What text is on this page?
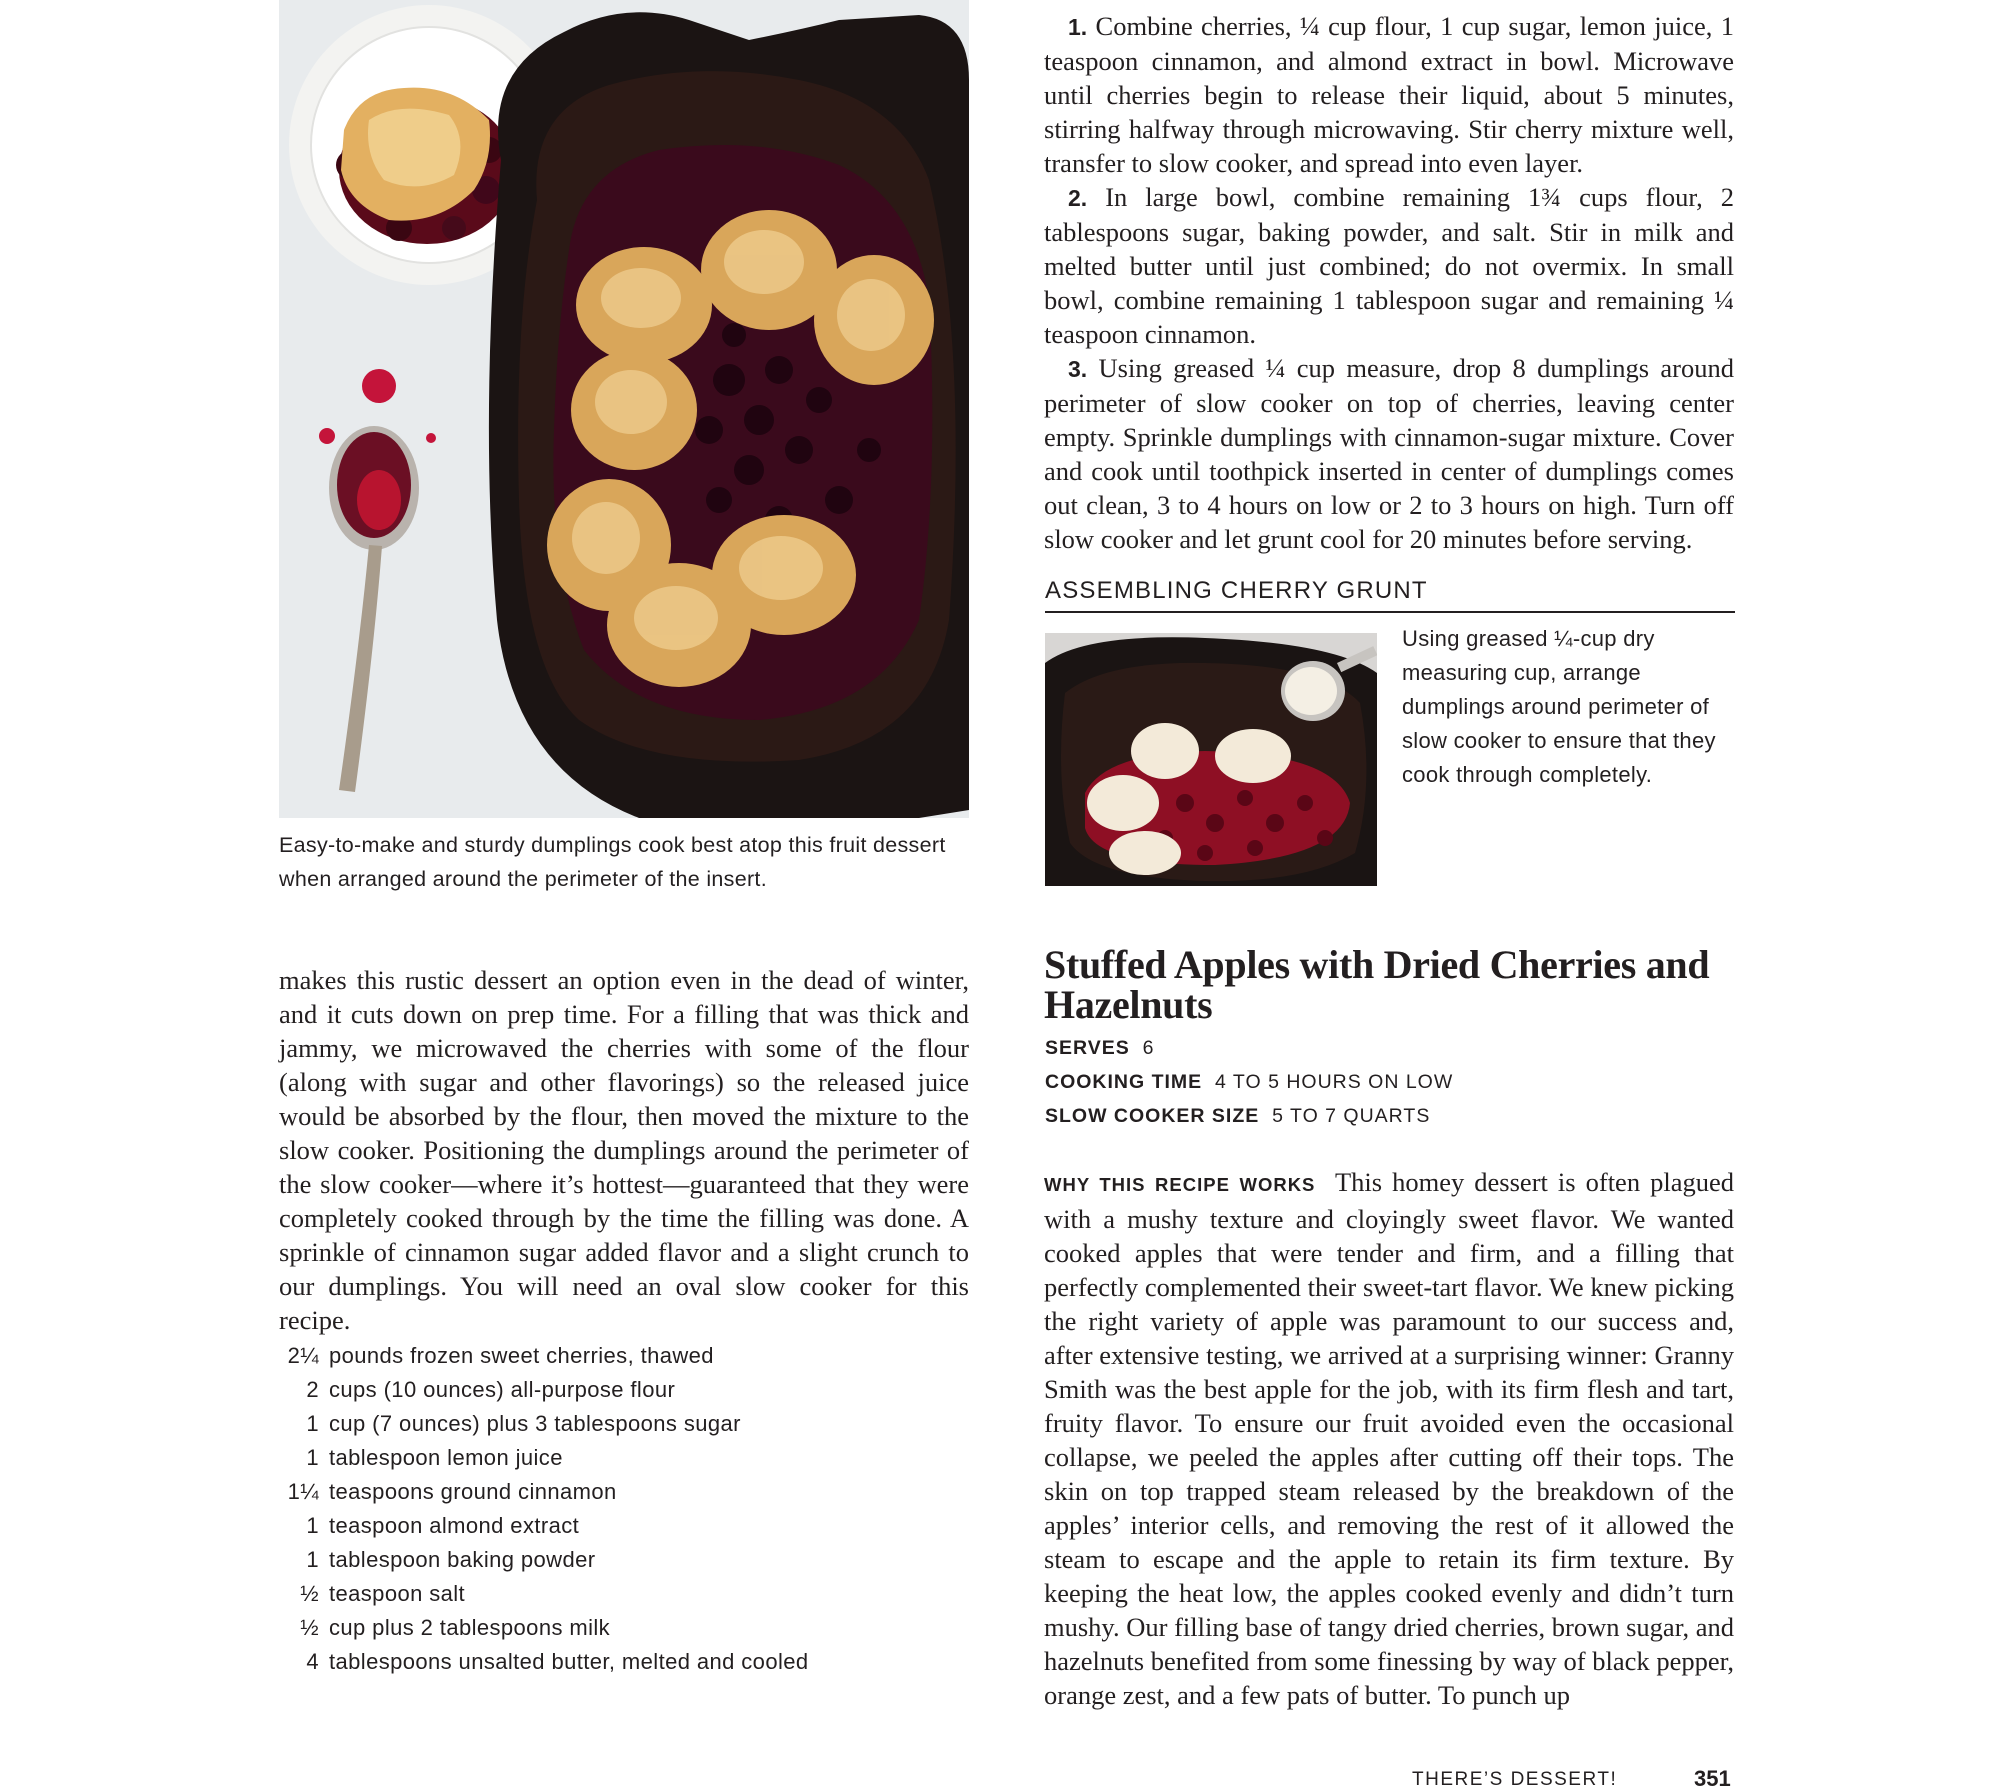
Easy-to-make and sturdy dumplings cook best atop this fruit dessert when arranged around the perimeter of the insert.

makes this rustic dessert an option even in the dead of winter, and it cuts down on prep time. For a filling that was thick and jammy, we microwaved the cherries with some of the flour (along with sugar and other flavorings) so the released juice would be absorbed by the flour, then moved the mixture to the slow cooker. Positioning the dumplings around the perimeter of the slow cooker—where it’s hottest—guaranteed that they were completely cooked through by the time the filling was done. A sprinkle of cinnamon sugar added flavor and a slight crunch to our dumplings. You will need an oval slow cooker for this recipe.

2¼ pounds frozen sweet cherries, thawed
2 cups (10 ounces) all-purpose flour
1 cup (7 ounces) plus 3 tablespoons sugar
1 tablespoon lemon juice
1¼ teaspoons ground cinnamon
1 teaspoon almond extract
1 tablespoon baking powder
½ teaspoon salt
½ cup plus 2 tablespoons milk
4 tablespoons unsalted butter, melted and cooled

1. Combine cherries, ¼ cup flour, 1 cup sugar, lemon juice, 1 teaspoon cinnamon, and almond extract in bowl. Microwave until cherries begin to release their liquid, about 5 minutes, stirring halfway through microwaving. Stir cherry mixture well, transfer to slow cooker, and spread into even layer.

2. In large bowl, combine remaining 1¾ cups flour, 2 tablespoons sugar, baking powder, and salt. Stir in milk and melted butter until just combined; do not overmix. In small bowl, combine remaining 1 tablespoon sugar and remaining ¼ teaspoon cinnamon.

3. Using greased ¼ cup measure, drop 8 dumplings around perimeter of slow cooker on top of cherries, leaving center empty. Sprinkle dumplings with cinnamon-sugar mixture. Cover and cook until toothpick inserted in center of dumplings comes out clean, 3 to 4 hours on low or 2 to 3 hours on high. Turn off slow cooker and let grunt cool for 20 minutes before serving.

ASSEMBLING CHERRY GRUNT
Using greased ¼-cup dry measuring cup, arrange dumplings around perimeter of slow cooker to ensure that they cook through completely.
Stuffed Apples with Dried Cherries and Hazelnuts
SERVES 6
COOKING TIME 4 TO 5 HOURS ON LOW
SLOW COOKER SIZE 5 TO 7 QUARTS

WHY THIS RECIPE WORKS This homey dessert is often plagued with a mushy texture and cloyingly sweet flavor. We wanted cooked apples that were tender and firm, and a filling that perfectly complemented their sweet-tart flavor. We knew picking the right variety of apple was paramount to our success and, after extensive testing, we arrived at a surprising winner: Granny Smith was the best apple for the job, with its firm flesh and tart, fruity flavor. To ensure our fruit avoided even the occasional collapse, we peeled the apples after cutting off their tops. The skin on top trapped steam released by the breakdown of the apples’ interior cells, and removing the rest of it allowed the steam to escape and the apple to retain its firm texture. By keeping the heat low, the apples cooked evenly and didn’t turn mushy. Our filling base of tangy dried cherries, brown sugar, and hazelnuts benefited from some finessing by way of black pepper, orange zest, and a few pats of butter. To punch up

THERE’S DESSERT!	351
